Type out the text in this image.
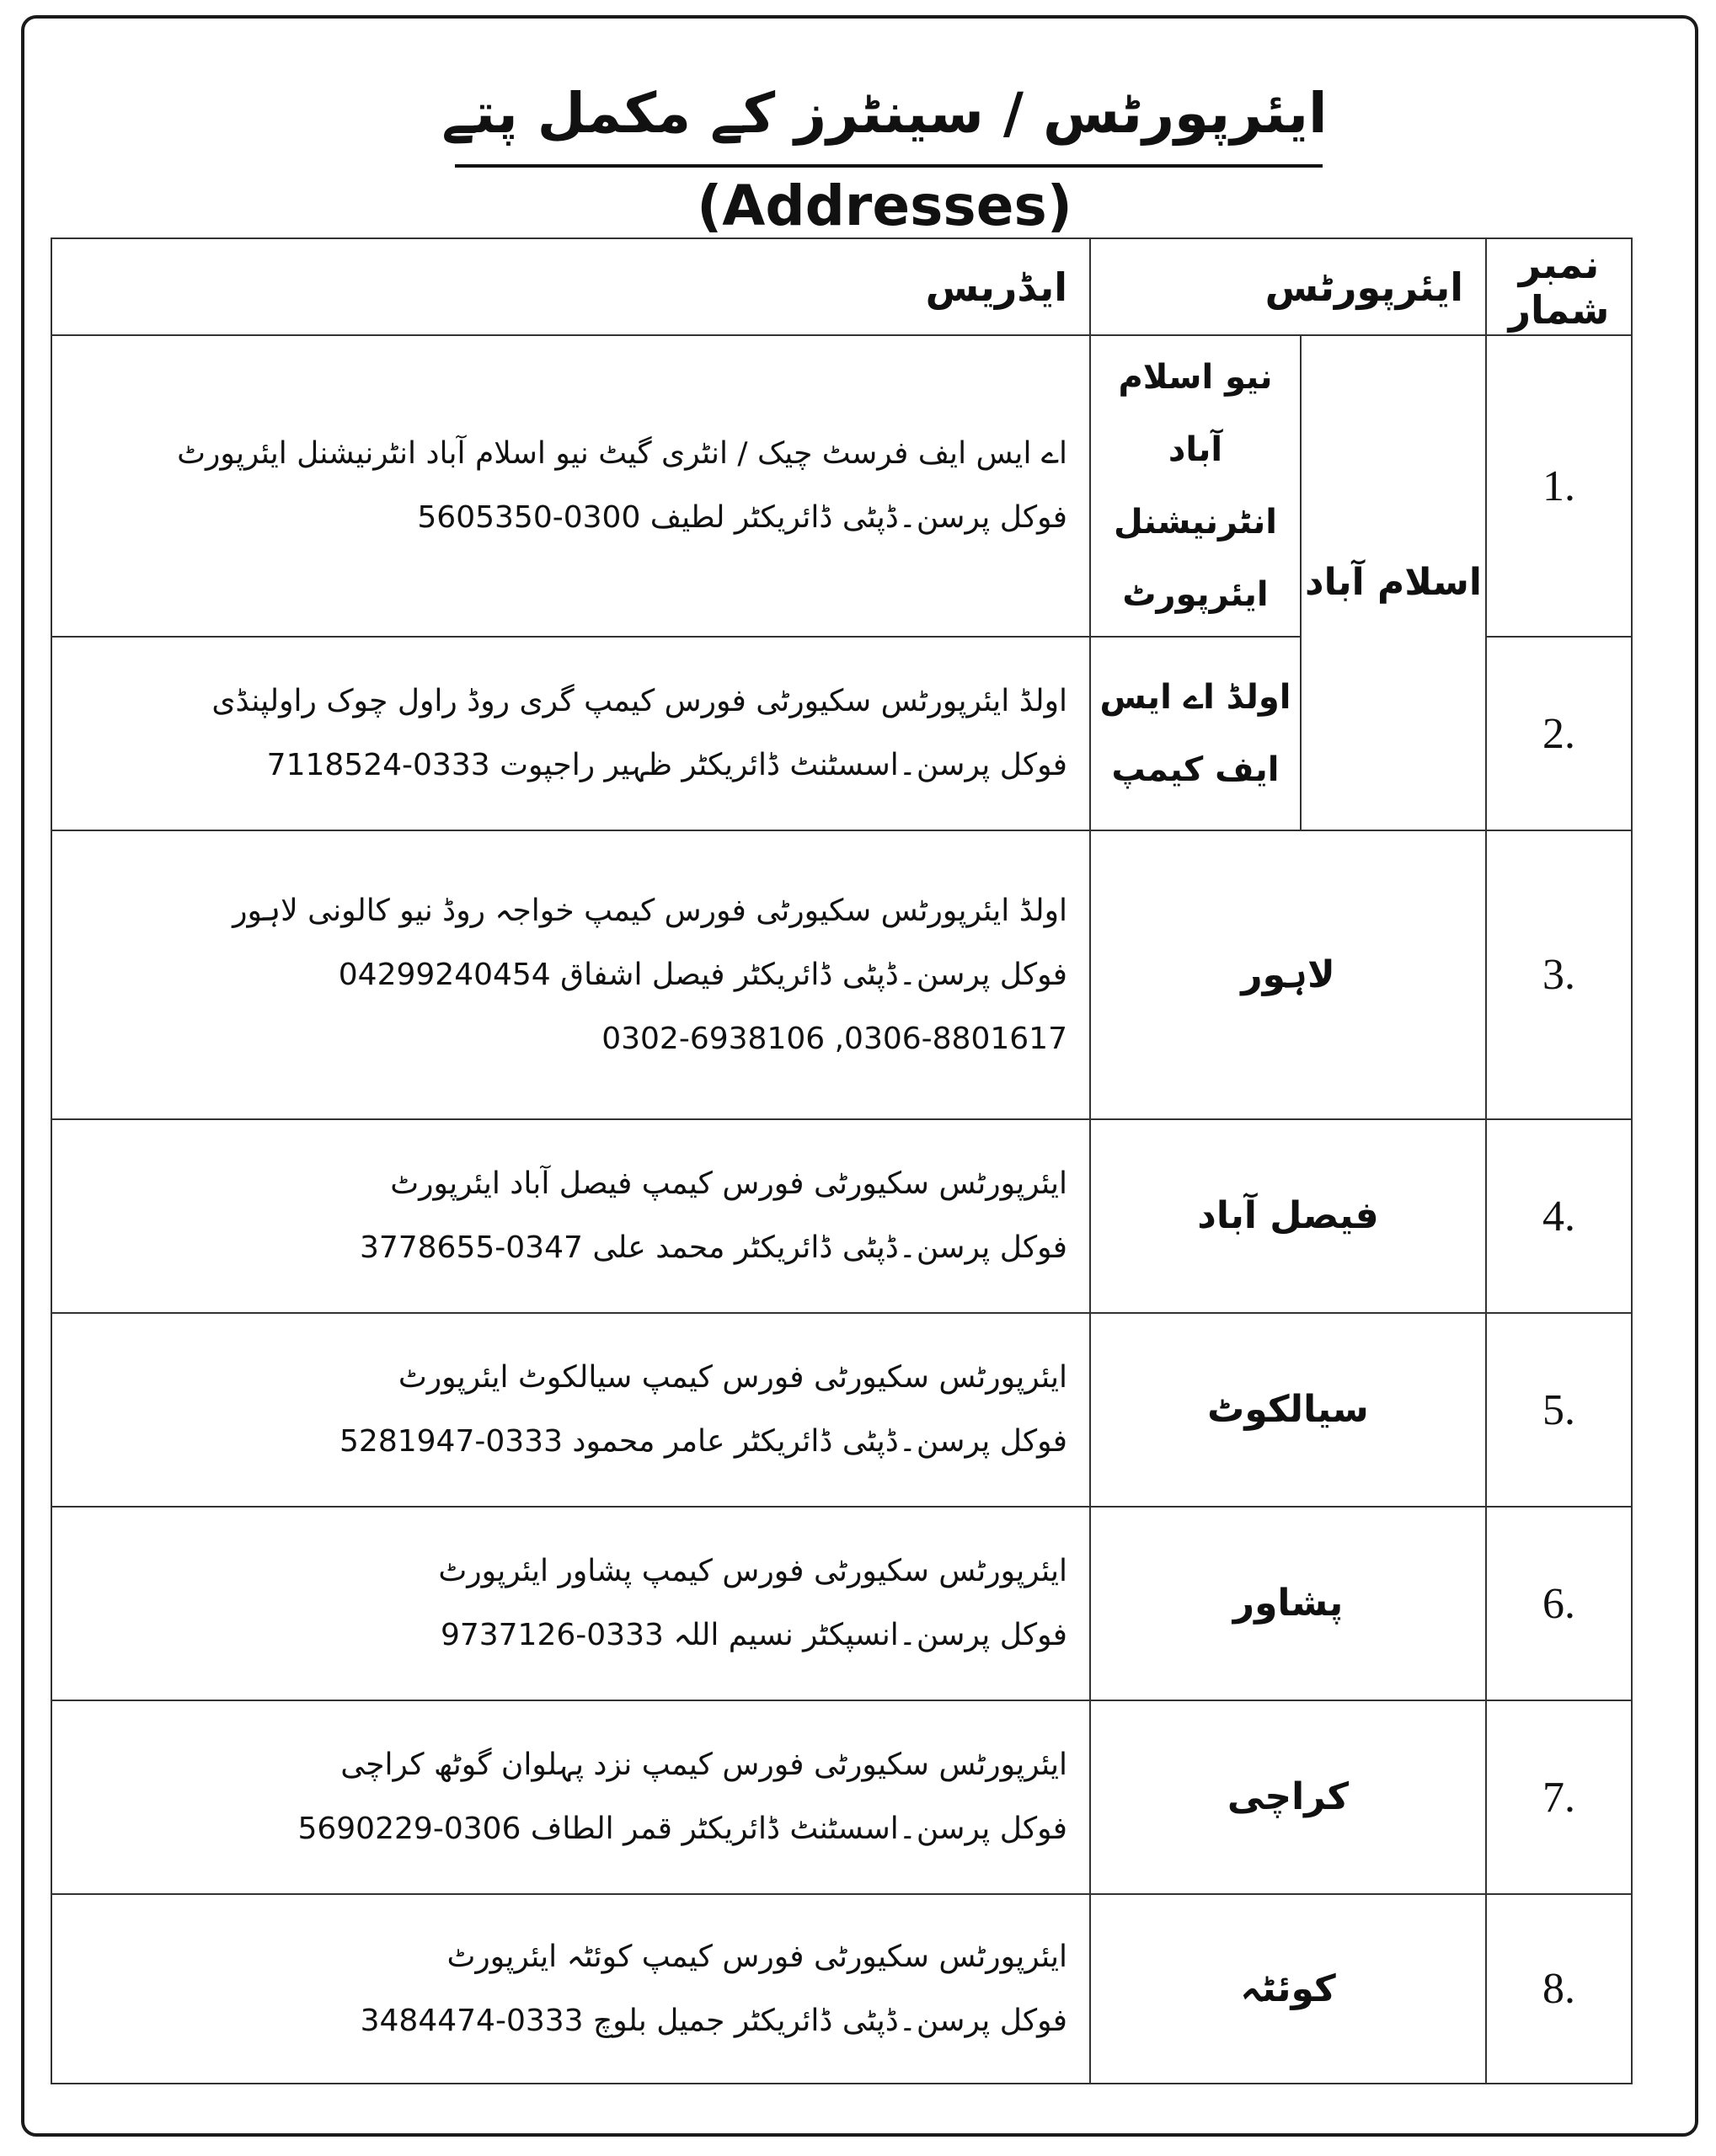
ایئرپورٹس / سینٹرز کے مکمل پتے (Addresses)
نمبر شمار	ایئرپورٹس		ایڈریس
1.	اسلام آباد	نیو اسلام آباد انٹرنیشنل ایئرپورٹ	اے ایس ایف فرسٹ چیک / انٹری گیٹ نیو اسلام آباد انٹرنیشنل ایئرپورٹ
فوکل پرسن۔ڈپٹی ڈائریکٹر لطیف 0300-5605350

2.		اولڈ اے ایس ایف کیمپ	اولڈ ایئرپورٹس سکیورٹی فورس کیمپ گری روڈ راول چوک راولپنڈی
فوکل پرسن۔اسسٹنٹ ڈائریکٹر ظہیر راجپوت 0333-7118524

3.	لاہور		اولڈ ایئرپورٹس سکیورٹی فورس کیمپ خواجہ روڈ نیو کالونی لاہور
فوکل پرسن۔ڈپٹی ڈائریکٹر فیصل اشفاق 04299240454
0306-8801617, 0302-6938106

4.	فیصل آباد		ایئرپورٹس سکیورٹی فورس کیمپ فیصل آباد ایئرپورٹ
فوکل پرسن۔ڈپٹی ڈائریکٹر محمد علی 0347-3778655

5.	سیالکوٹ		ایئرپورٹس سکیورٹی فورس کیمپ سیالکوٹ ایئرپورٹ
فوکل پرسن۔ڈپٹی ڈائریکٹر عامر محمود 0333-5281947

6.	پشاور		ایئرپورٹس سکیورٹی فورس کیمپ پشاور ایئرپورٹ
فوکل پرسن۔انسپکٹر نسیم اللہ 0333-9737126

7.	کراچی		ایئرپورٹس سکیورٹی فورس کیمپ نزد پہلوان گوٹھ کراچی
فوکل پرسن۔اسسٹنٹ ڈائریکٹر قمر الطاف 0306-5690229

8.	کوئٹہ		ایئرپورٹس سکیورٹی فورس کیمپ کوئٹہ ایئرپورٹ
فوکل پرسن۔ڈپٹی ڈائریکٹر جمیل بلوچ 0333-3484474
